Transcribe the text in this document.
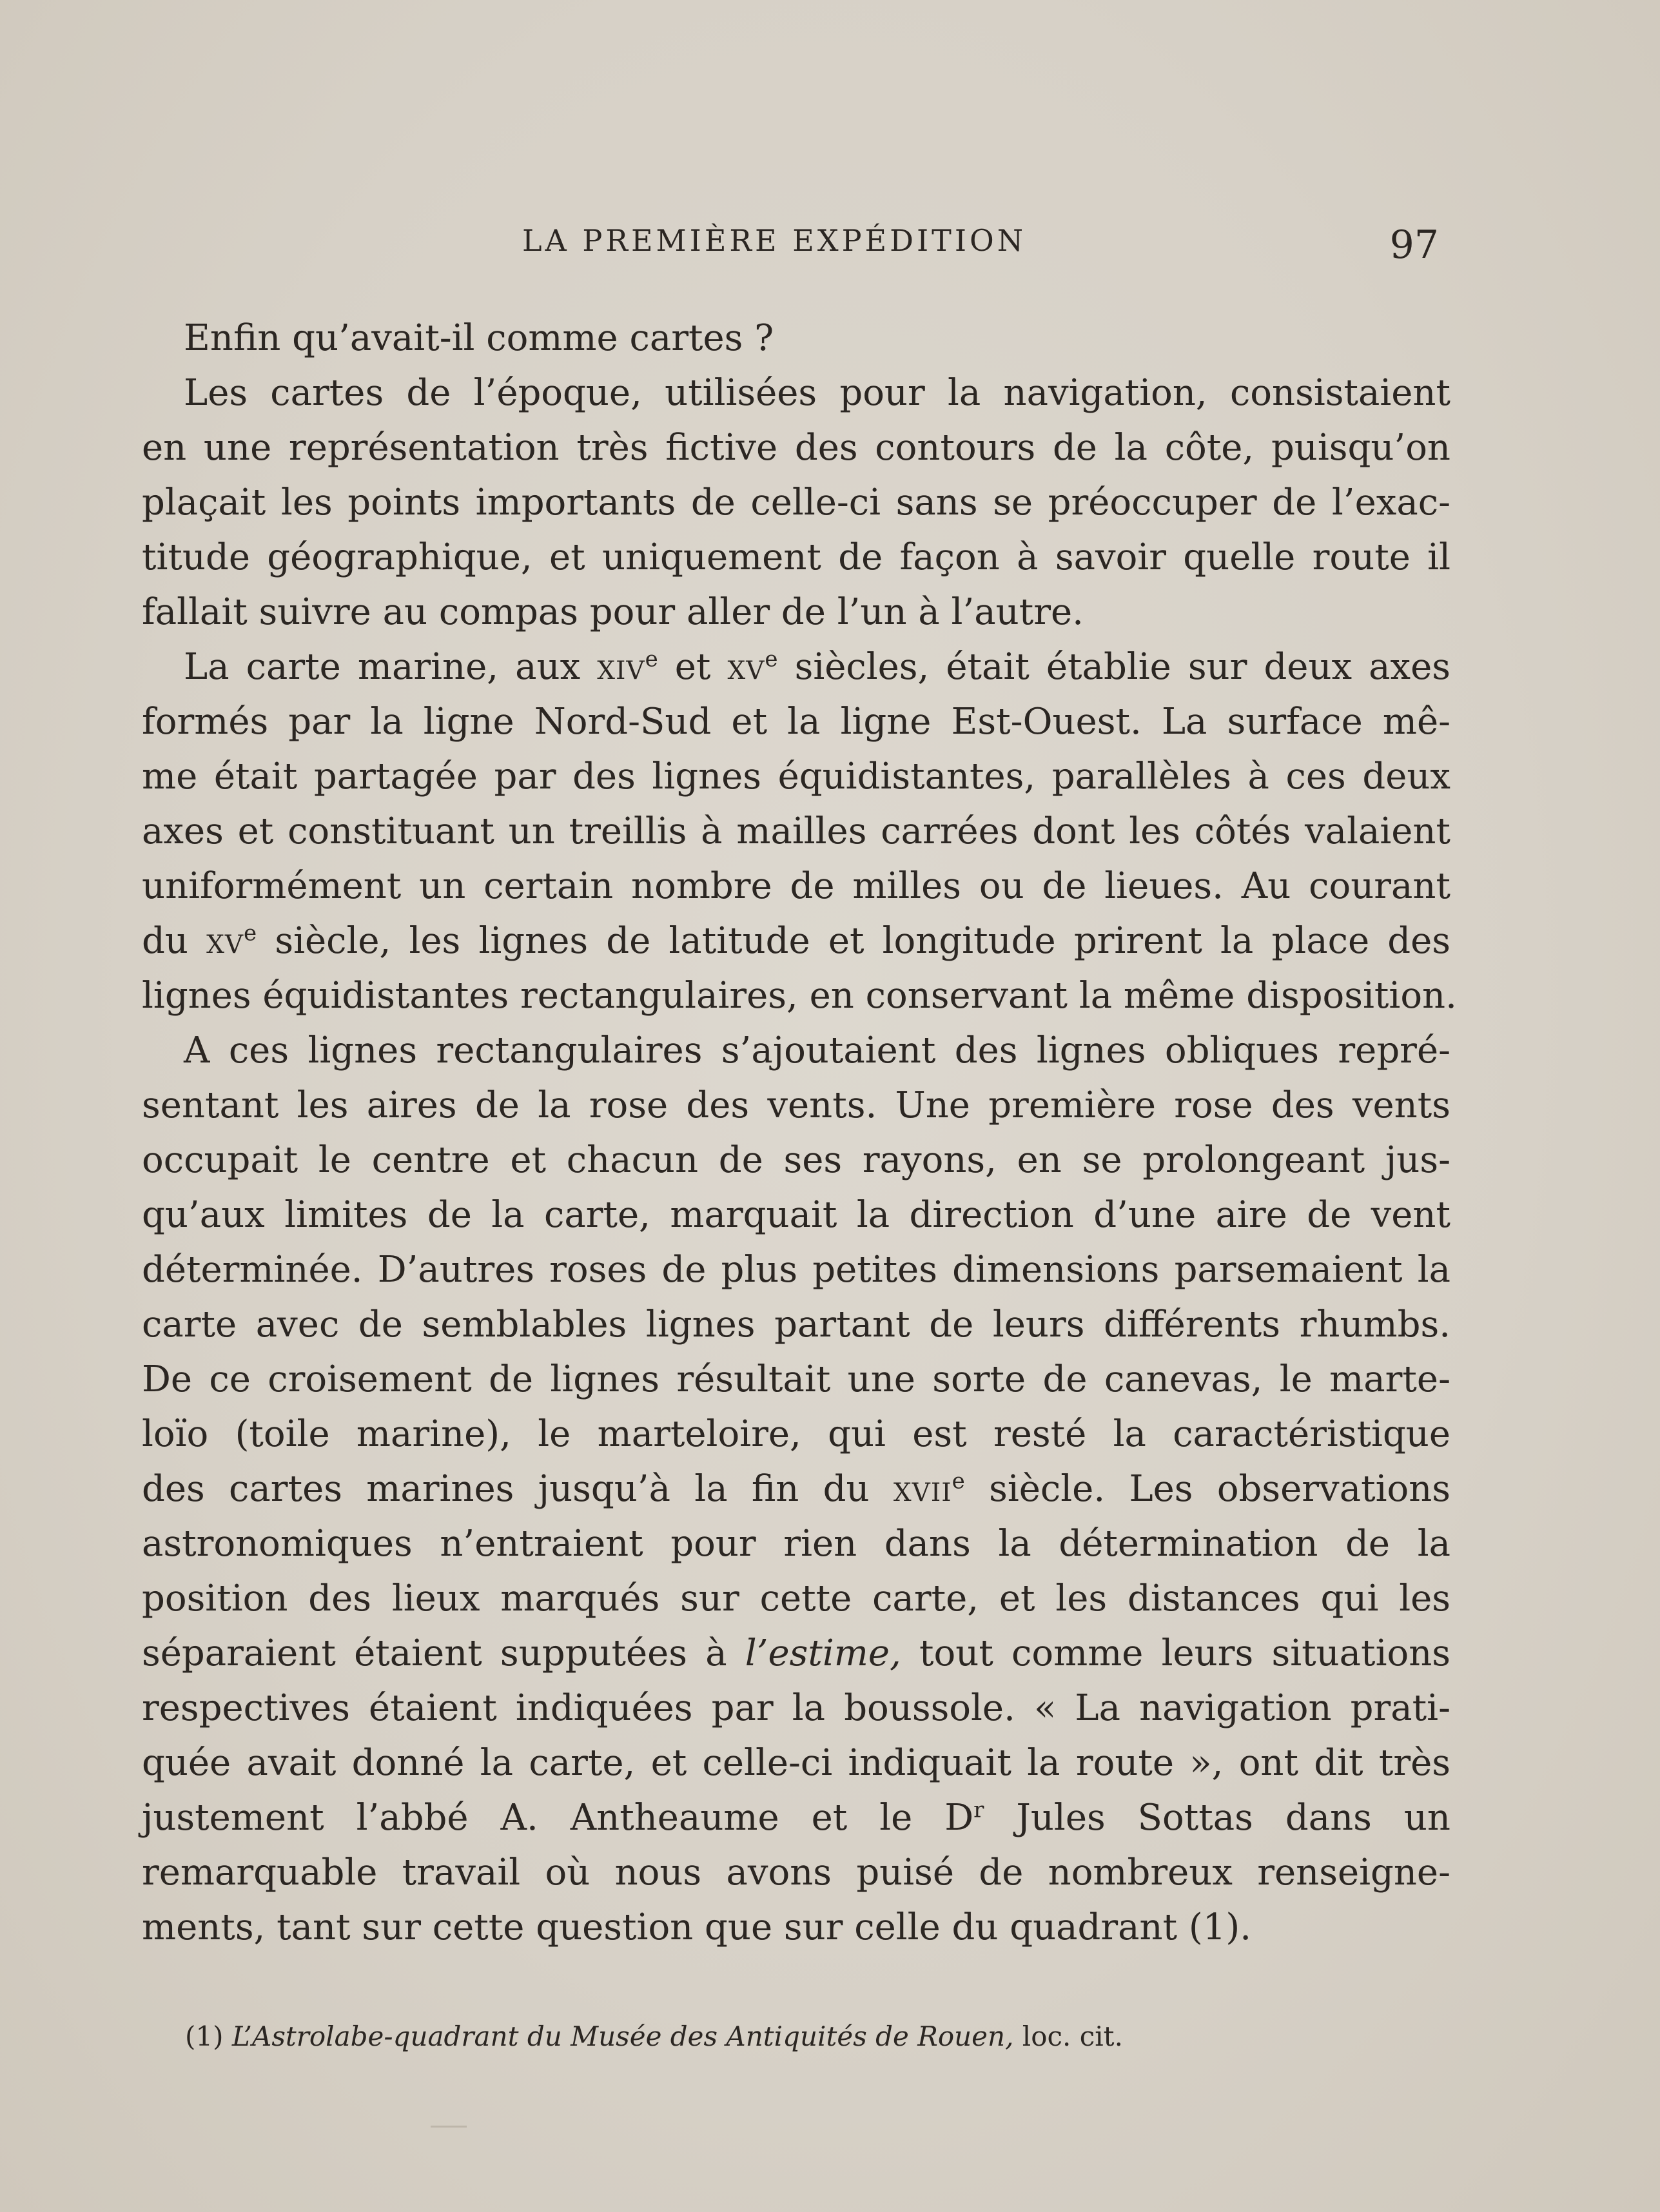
LA PREMIÈRE EXPÉDITION	97
Enfin qu’avait-il comme cartes ?
Les cartes de l’époque, utilisées pour la navigation, consistaient
en une représentation très fictive des contours de la côte, puisqu’on
plaçait les points importants de celle-ci sans se préoccuper de l’exac-
titude géographique, et uniquement de façon à savoir quelle route il
fallait suivre au compas pour aller de l’un à l’autre.
La carte marine, aux xiv$^e$ et $xv^e$ siècles, était établie sur deux axes
formés par la ligne Nord-Sud et la ligne Est-Ouest. La surface mê-
me était partagée par des lignes équidistantes, parallèles à ces deux
axes et constituant un treillis à mailles carrées dont les côtés valaient
uniformément un certain nombre de milles ou de lieues. Au courant
du $xv^e$ siècle, les lignes de latitude et longitude prirent la place des
lignes équidistantes rectangulaires, en conservant la même disposition.
A ces lignes rectangulaires s’ajoutaient des lignes obliques repré-
sentant les aires de la rose des vents. Une première rose des vents
occupait le centre et chacun de ses rayons, en se prolongeant jus-
qu’aux limites de la carte, marquait la direction d’une aire de vent
déterminée. D’autres roses de plus petites dimensions parsemaient la
carte avec de semblables lignes partant de leurs différents rhumbs.
De ce croisement de lignes résultait une sorte de canevas, le marte-
loïo (toile marine), le marteloire, qui est resté la caractéristique
des cartes marines jusqu’à la fin du xvii$^e$ siècle. Les observations
astronomiques n’entraient pour rien dans la détermination de la
position des lieux marqués sur cette carte, et les distances qui les
séparaient étaient supputées à l’estime, tout comme leurs situations
respectives étaient indiquées par la boussole. « La navigation prati-
quée avait donné la carte, et celle-ci indiquait la route », ont dit très
justement l’abbé A. Antheaume et le $D^r$ Jules Sottas dans un
remarquable travail où nous avons puisé de nombreux renseigne-
ments, tant sur cette question que sur celle du quadrant (1).
(1) L’Astrolabe-quadrant du Musée des Antiquités de Rouen, loc. cit.
